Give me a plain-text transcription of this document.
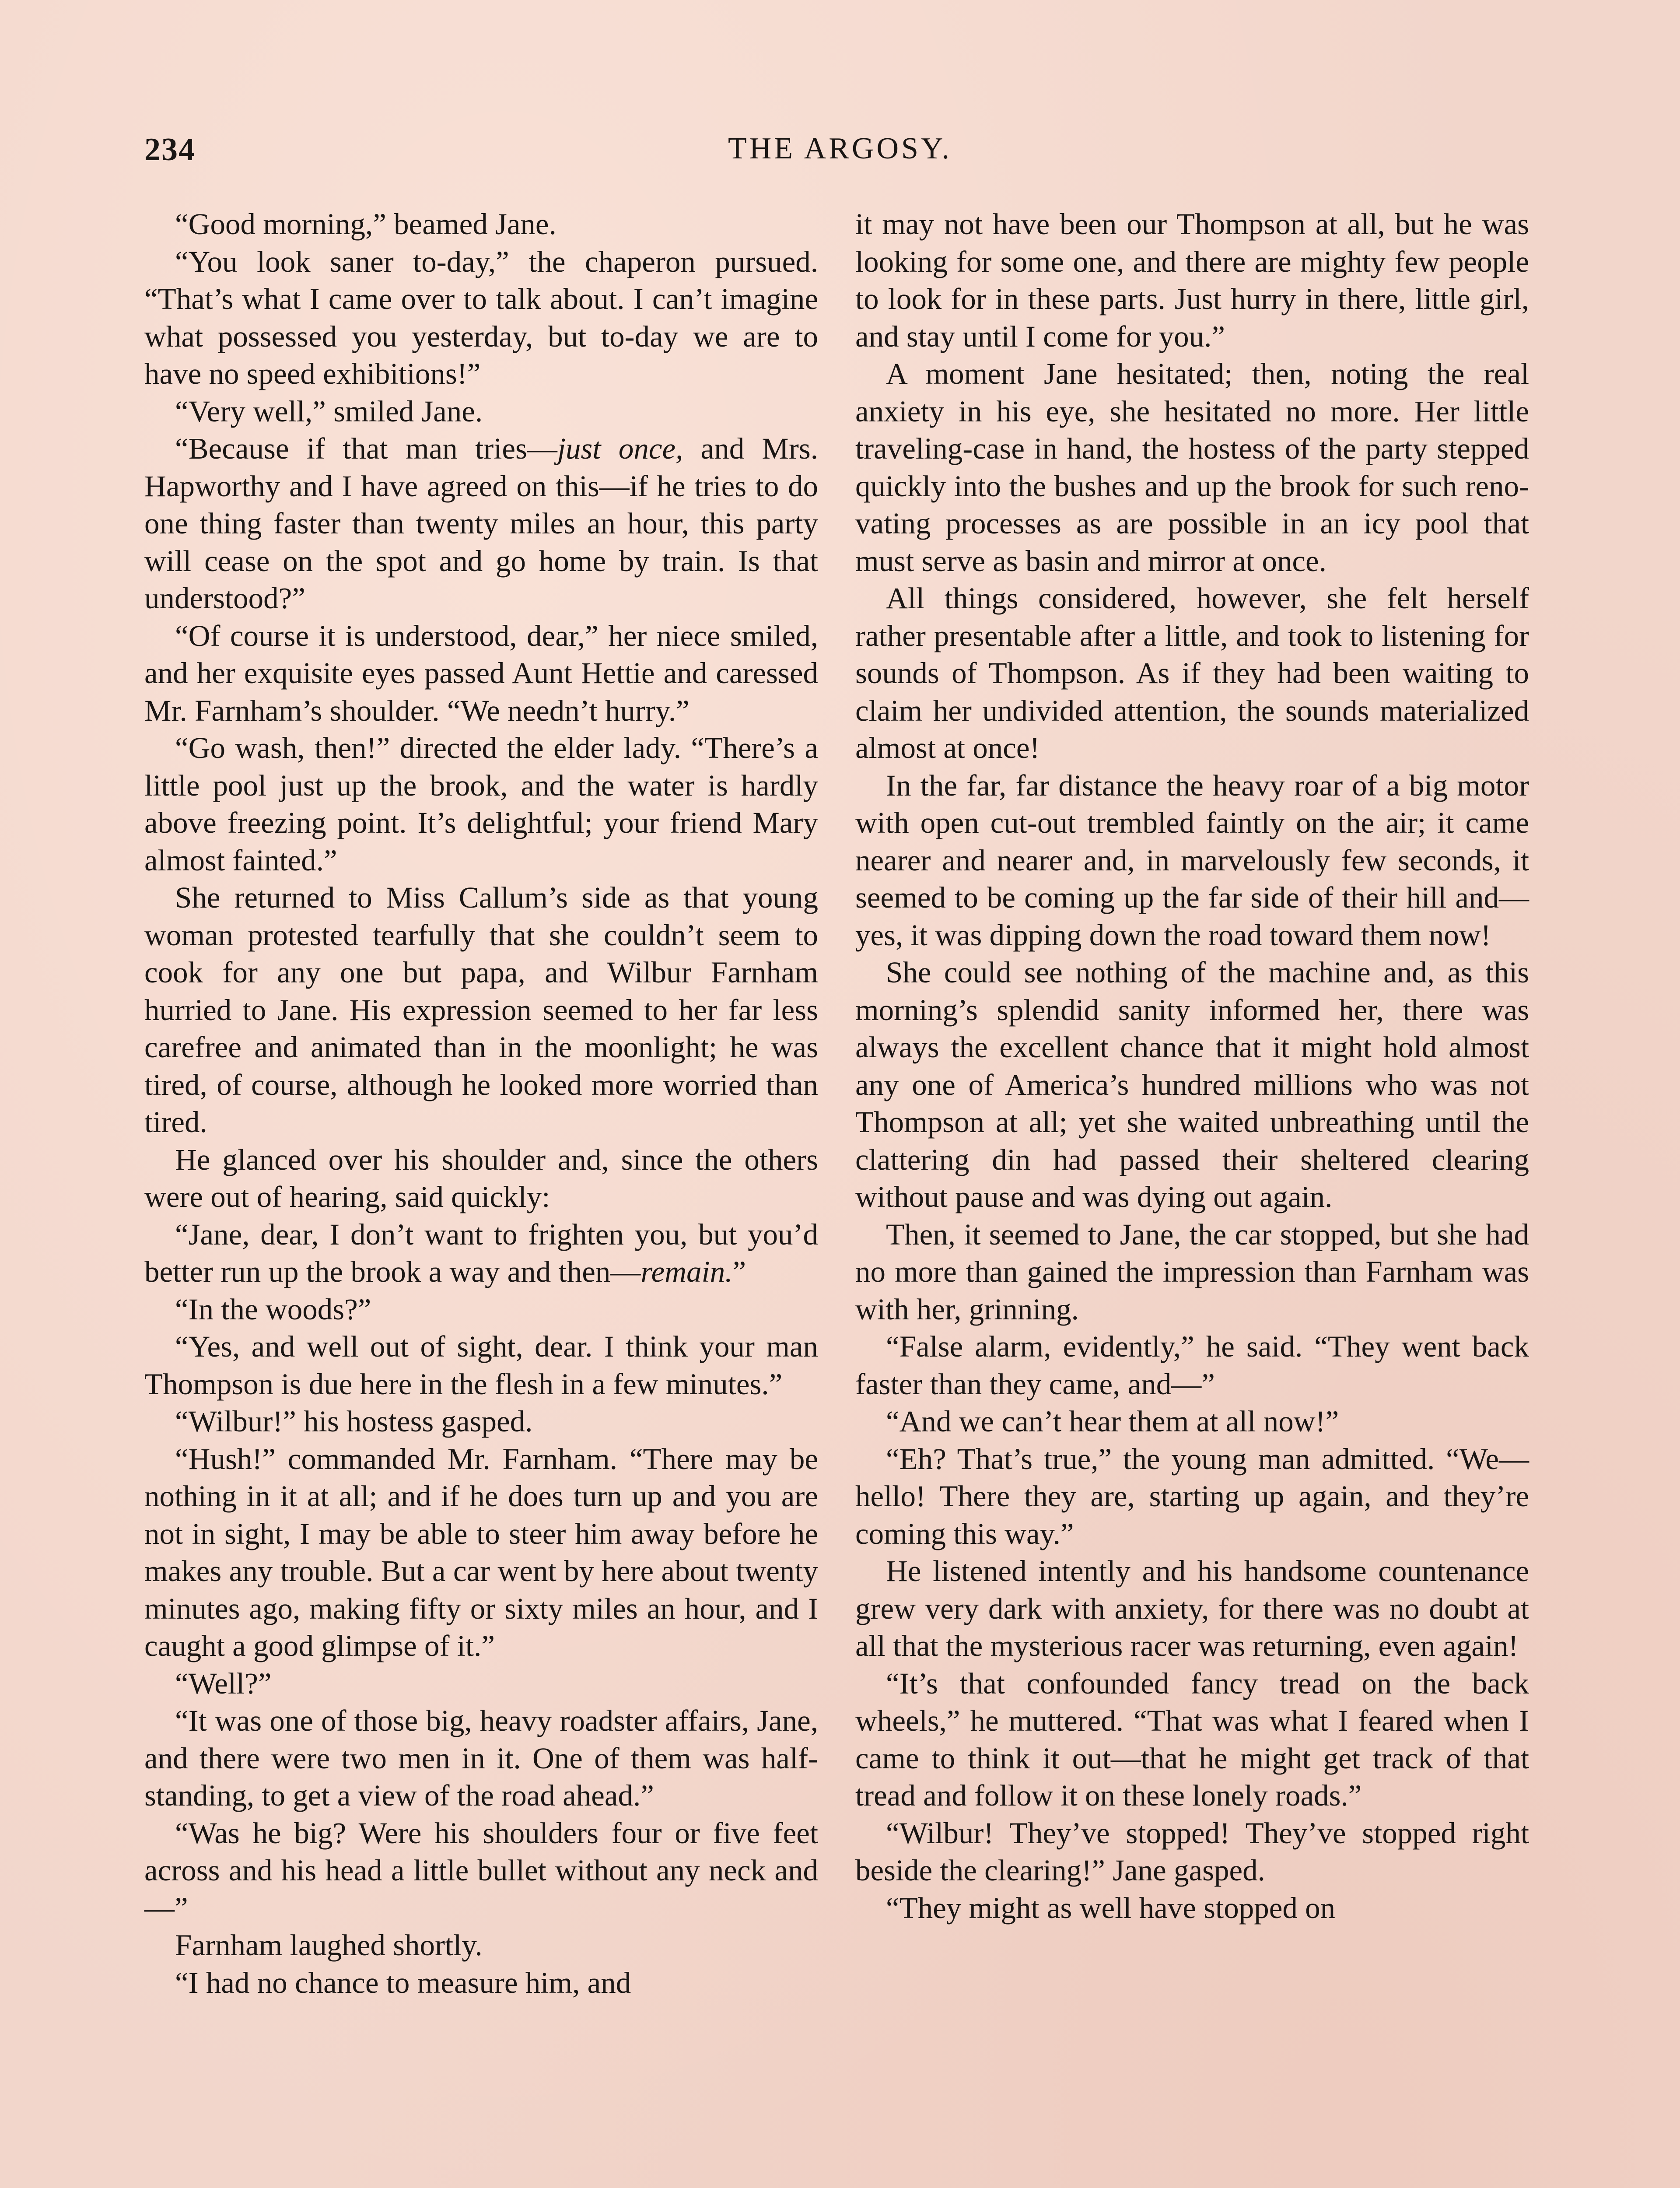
234	THE ARGOSY.

“Good morning,” beamed Jane.

“You look saner to-day,” the chaperon pursued. “That’s what I came over to talk about. I can’t imagine what possessed you yesterday, but to-day we are to have no speed exhibitions!”

“Very well,” smiled Jane.

“Because if that man tries—just once, and Mrs. Hapworthy and I have agreed on this—if he tries to do one thing faster than twenty miles an hour, this party will cease on the spot and go home by train. Is that understood?”

“Of course it is understood, dear,” her niece smiled, and her exquisite eyes passed Aunt Hettie and caressed Mr. Farnham’s shoulder. “We needn’t hurry.”

“Go wash, then!” directed the elder lady. “There’s a little pool just up the brook, and the water is hardly above freezing point. It’s delightful; your friend Mary almost fainted.”

She returned to Miss Callum’s side as that young woman protested tearfully that she couldn’t seem to cook for any one but papa, and Wilbur Farnham hurried to Jane. His expression seemed to her far less carefree and animated than in the moonlight; he was tired, of course, although he looked more worried than tired.

He glanced over his shoulder and, since the others were out of hearing, said quickly:

“Jane, dear, I don’t want to frighten you, but you’d better run up the brook a way and then—remain.”

“In the woods?”

“Yes, and well out of sight, dear. I think your man Thompson is due here in the flesh in a few minutes.”

“Wilbur!” his hostess gasped.

“Hush!” commanded Mr. Farnham. “There may be nothing in it at all; and if he does turn up and you are not in sight, I may be able to steer him away before he makes any trouble. But a car went by here about twenty minutes ago, making fifty or sixty miles an hour, and I caught a good glimpse of it.”

“Well?”

“It was one of those big, heavy roadster affairs, Jane, and there were two men in it. One of them was half-standing, to get a view of the road ahead.”

“Was he big? Were his shoulders four or five feet across and his head a little bullet without any neck and—”

Farnham laughed shortly.

“I had no chance to measure him, and

it may not have been our Thompson at all, but he was looking for some one, and there are mighty few people to look for in these parts. Just hurry in there, little girl, and stay until I come for you.”

A moment Jane hesitated; then, noting the real anxiety in his eye, she hesitated no more. Her little traveling-case in hand, the hostess of the party stepped quickly into the bushes and up the brook for such renovating processes as are possible in an icy pool that must serve as basin and mirror at once.

All things considered, however, she felt herself rather presentable after a little, and took to listening for sounds of Thompson. As if they had been waiting to claim her undivided attention, the sounds materialized almost at once!

In the far, far distance the heavy roar of a big motor with open cut-out trembled faintly on the air; it came nearer and nearer and, in marvelously few seconds, it seemed to be coming up the far side of their hill and—yes, it was dipping down the road toward them now!

She could see nothing of the machine and, as this morning’s splendid sanity informed her, there was always the excellent chance that it might hold almost any one of America’s hundred millions who was not Thompson at all; yet she waited unbreathing until the clattering din had passed their sheltered clearing without pause and was dying out again.

Then, it seemed to Jane, the car stopped, but she had no more than gained the impression than Farnham was with her, grinning.

“False alarm, evidently,” he said. “They went back faster than they came, and—”

“And we can’t hear them at all now!”

“Eh? That’s true,” the young man admitted. “We—hello! There they are, starting up again, and they’re coming this way.”

He listened intently and his handsome countenance grew very dark with anxiety, for there was no doubt at all that the mysterious racer was returning, even again!

“It’s that confounded fancy tread on the back wheels,” he muttered. “That was what I feared when I came to think it out—that he might get track of that tread and follow it on these lonely roads.”

“Wilbur! They’ve stopped! They’ve stopped right beside the clearing!” Jane gasped.

“They might as well have stopped on
